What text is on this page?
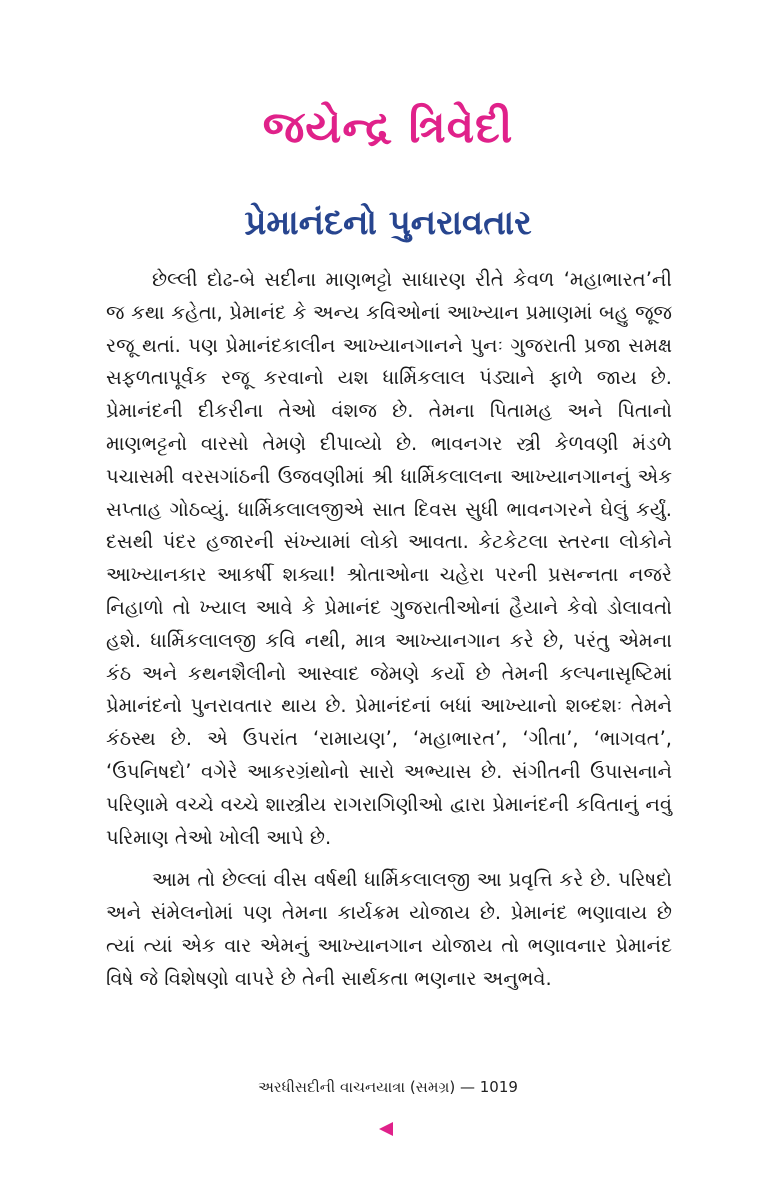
જયેન્દ્ર ત્રિવેદી
પ્રેમાનંદનો પુનરાવતાર

છેલ્લી દોઢ-બે સદીના માણભટ્ટો સાધારણ રીતે કેવળ ‘મહાભારત’ની જ કથા કહેતા, પ્રેમાનંદ કે અન્ય કવિઓનાં આખ્યાન પ્રમાણમાં બહુ જૂજ રજૂ થતાં. પણ પ્રેમાનંદકાલીન આખ્યાનગાનને પુનઃ ગુજરાતી પ્રજા સમક્ષ સફળતાપૂર્વક રજૂ કરવાનો યશ ધાર્મિકલાલ પંડ્યાને ફાળે જાય છે. પ્રેમાનંદની દીકરીના તેઓ વંશજ છે. તેમના પિતામહ અને પિતાનો માણભટ્ટનો વારસો તેમણે દીપાવ્યો છે. ભાવનગર સ્ત્રી કેળવણી મંડળે પચાસમી વરસગાંઠની ઉજવણીમાં શ્રી ધાર્મિકલાલના આખ્યાનગાનનું એક સપ્તાહ ગોઠવ્યું. ધાર્મિકલાલજીએ સાત દિવસ સુધી ભાવનગરને ઘેલું કર્યું. દસથી પંદર હજારની સંખ્યામાં લોકો આવતા. કેટકેટલા સ્તરના લોકોને આખ્યાનકાર આકર્ષી શક્યા! શ્રોતાઓના ચહેરા પરની પ્રસન્નતા નજરે નિહાળો તો ખ્યાલ આવે કે પ્રેમાનંદ ગુજરાતીઓનાં હૈયાને કેવો ડોલાવતો હશે. ધાર્મિકલાલજી કવિ નથી, માત્ર આખ્યાનગાન કરે છે, પરંતુ એમના કંઠ અને કથનશૈલીનો આસ્વાદ જેમણે કર્યો છે તેમની કલ્પનાસૃષ્ટિમાં પ્રેમાનંદનો પુનરાવતાર થાય છે. પ્રેમાનંદનાં બધાં આખ્યાનો શબ્દશઃ તેમને કંઠસ્થ છે. એ ઉપરાંત ‘રામાયણ’, ‘મહાભારત’, ‘ગીતા’, ‘ભાગવત’, ‘ઉપનિષદો’ વગેરે આકરગ્રંથોનો સારો અભ્યાસ છે. સંગીતની ઉપાસનાને પરિણામે વચ્ચે વચ્ચે શાસ્ત્રીય રાગરાગિણીઓ દ્વારા પ્રેમાનંદની કવિતાનું નવું પરિમાણ તેઓ ખોલી આપે છે.

આમ તો છેલ્લાં વીસ વર્ષથી ધાર્મિકલાલજી આ પ્રવૃત્તિ કરે છે. પરિષદો અને સંમેલનોમાં પણ તેમના કાર્યક્રમ યોજાય છે. પ્રેમાનંદ ભણાવાય છે ત્યાં ત્યાં એક વાર એમનું આખ્યાનગાન યોજાય તો ભણાવનાર પ્રેમાનંદ વિષે જે વિશેષણો વાપરે છે તેની સાર્થકતા ભણનાર અનુભવે.

અરધીસદીની વાચનયાત્રા (સમગ્ર) — 1019
